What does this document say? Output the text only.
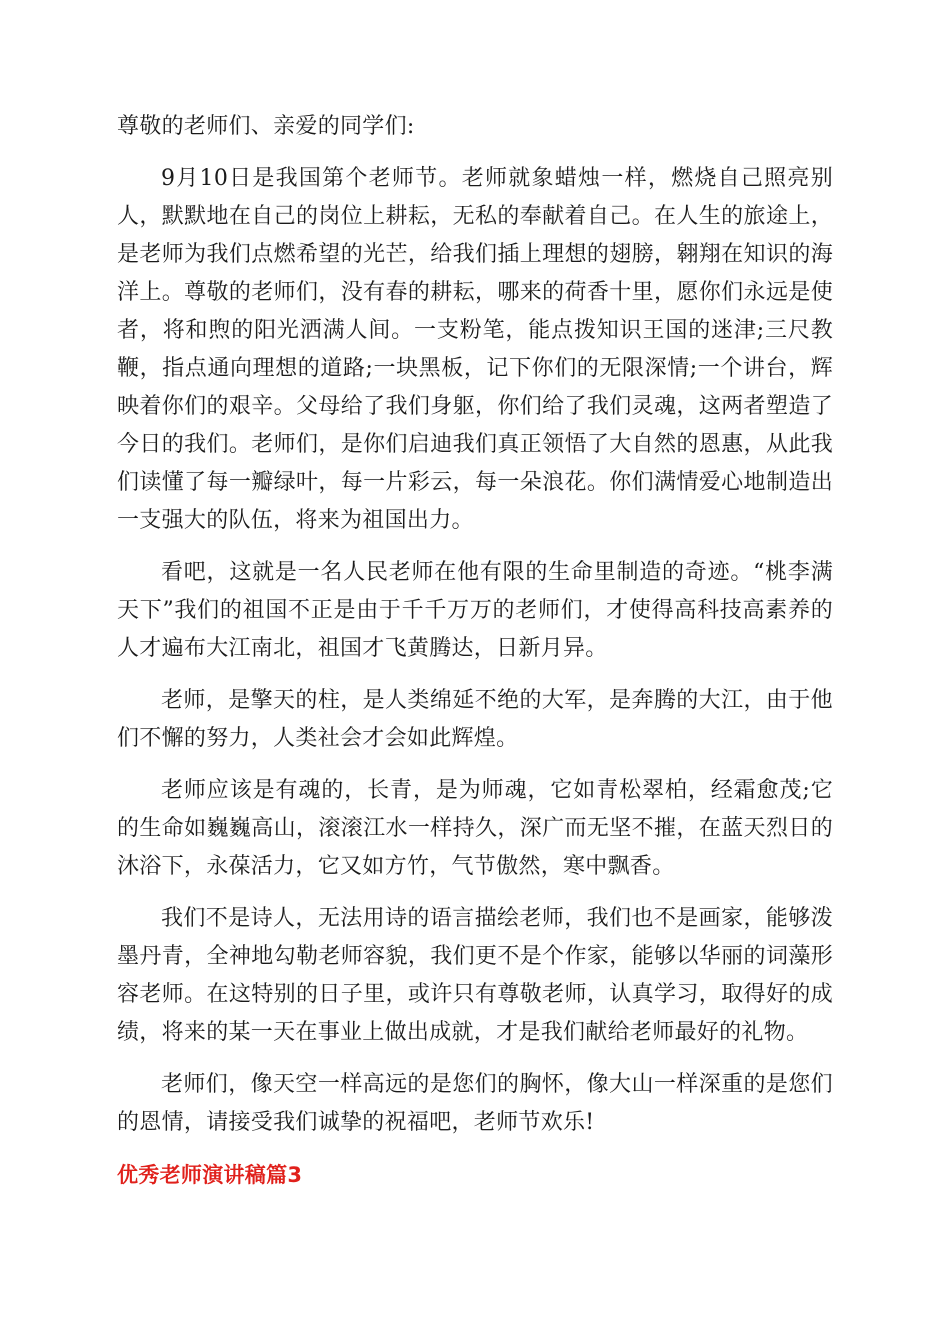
尊敬的老师们、亲爱的同学们:

9月10日是我国第个老师节。老师就象蜡烛一样，燃烧自己照亮别人，默默地在自己的岗位上耕耘，无私的奉献着自己。在人生的旅途上，是老师为我们点燃希望的光芒，给我们插上理想的翅膀，翱翔在知识的海洋上。尊敬的老师们，没有春的耕耘，哪来的荷香十里，愿你们永远是使者，将和煦的阳光洒满人间。一支粉笔，能点拨知识王国的迷津;三尺教鞭，指点通向理想的道路;一块黑板，记下你们的无限深情;一个讲台，辉映着你们的艰辛。父母给了我们身躯，你们给了我们灵魂，这两者塑造了今日的我们。老师们，是你们启迪我们真正领悟了大自然的恩惠，从此我们读懂了每一瓣绿叶，每一片彩云，每一朵浪花。你们满情爱心地制造出一支强大的队伍，将来为祖国出力。

看吧，这就是一名人民老师在他有限的生命里制造的奇迹。“桃李满天下”我们的祖国不正是由于千千万万的老师们，才使得高科技高素养的人才遍布大江南北，祖国才飞黄腾达，日新月异。

老师，是擎天的柱，是人类绵延不绝的大军，是奔腾的大江，由于他们不懈的努力，人类社会才会如此辉煌。

老师应该是有魂的，长青，是为师魂，它如青松翠柏，经霜愈茂;它的生命如巍巍高山，滚滚江水一样持久，深广而无坚不摧，在蓝天烈日的沐浴下，永葆活力，它又如方竹，气节傲然，寒中飘香。

我们不是诗人，无法用诗的语言描绘老师，我们也不是画家，能够泼墨丹青，全神地勾勒老师容貌，我们更不是个作家，能够以华丽的词藻形容老师。在这特别的日子里，或许只有尊敬老师，认真学习，取得好的成绩，将来的某一天在事业上做出成就，才是我们献给老师最好的礼物。

老师们，像天空一样高远的是您们的胸怀，像大山一样深重的是您们的恩情，请接受我们诚挚的祝福吧，老师节欢乐!

优秀老师演讲稿篇3
